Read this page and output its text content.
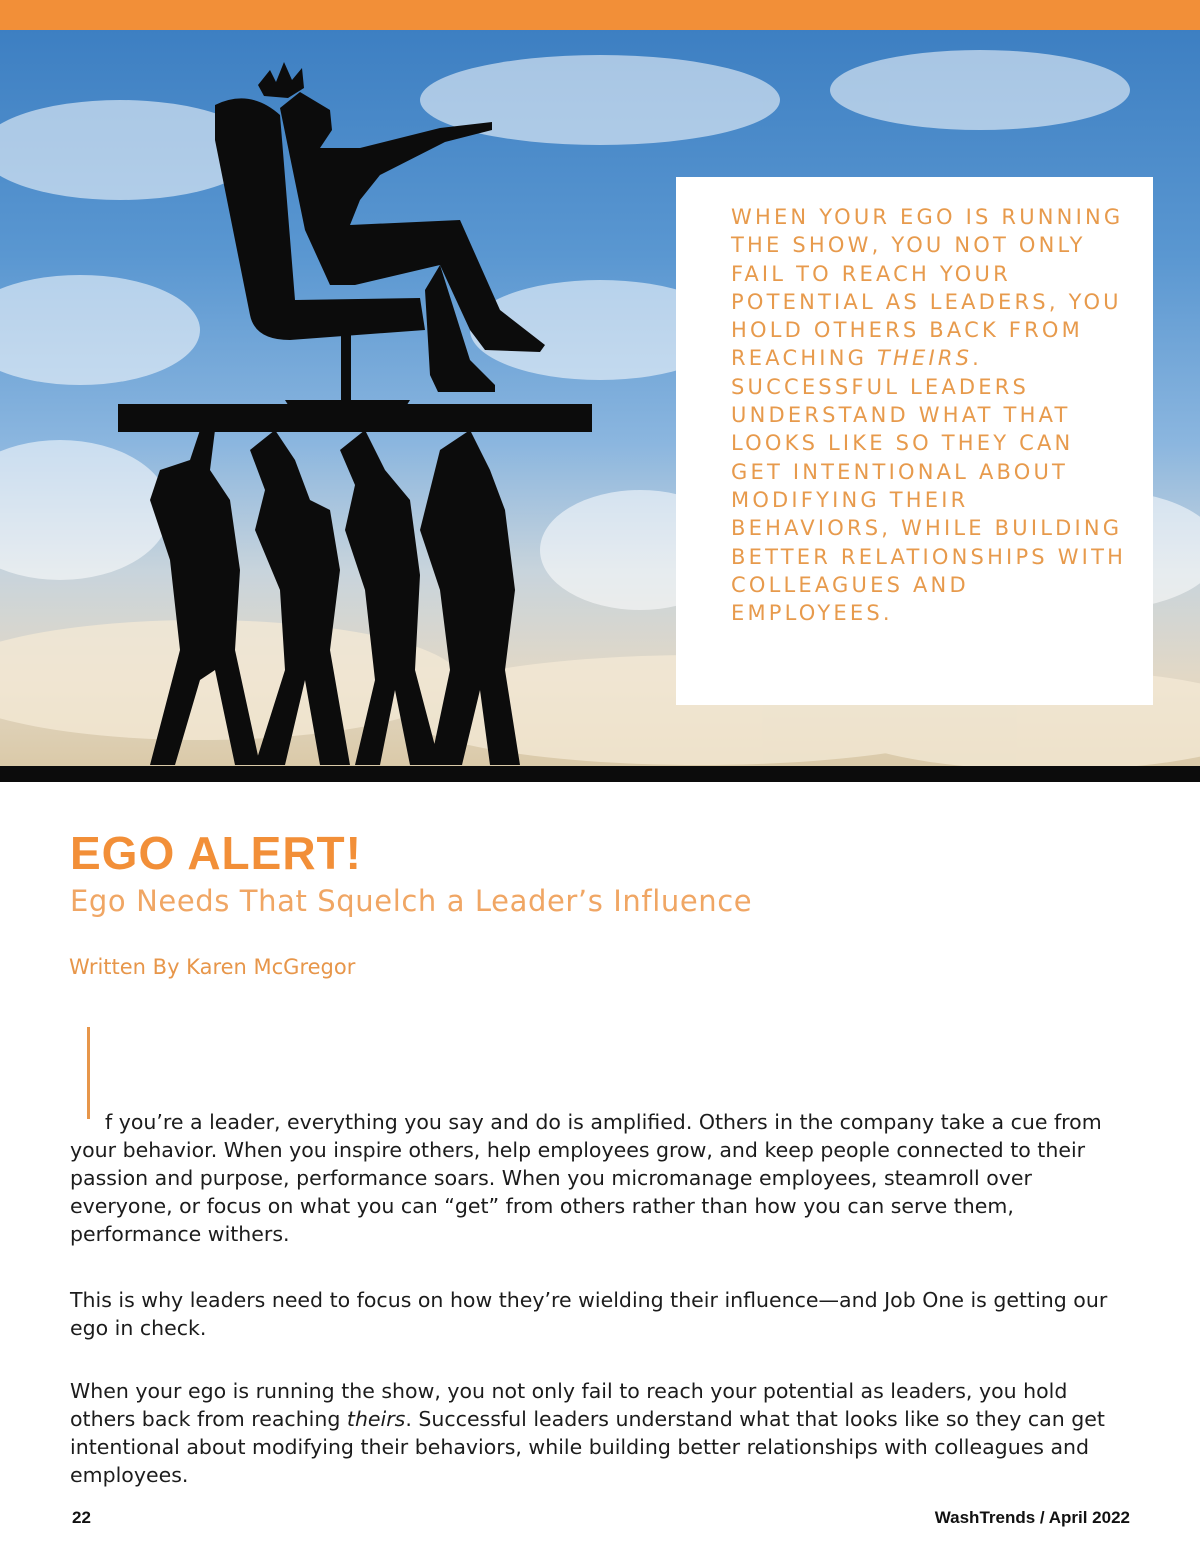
WHEN YOUR EGO IS RUNNING THE SHOW, YOU NOT ONLY FAIL TO REACH YOUR POTENTIAL AS LEADERS, YOU HOLD OTHERS BACK FROM REACHING THEIRS. SUCCESSFUL LEADERS UNDERSTAND WHAT THAT LOOKS LIKE SO THEY CAN GET INTENTIONAL ABOUT MODIFYING THEIR BEHAVIORS, WHILE BUILDING BETTER RELATIONSHIPS WITH COLLEAGUES AND EMPLOYEES.

EGO ALERT!
Ego Needs That Squelch a Leader’s Influence

Written By Karen McGregor

f you’re a leader, everything you say and do is amplified. Others in the company take a cue from your behavior. When you inspire others, help employees grow, and keep people connected to their passion and purpose, performance soars. When you micromanage employees, steamroll over everyone, or focus on what you can “get” from others rather than how you can serve them, performance withers.

This is why leaders need to focus on how they’re wielding their influence—and Job One is getting our ego in check.

When your ego is running the show, you not only fail to reach your potential as leaders, you hold others back from reaching theirs. Successful leaders understand what that looks like so they can get intentional about modifying their behaviors, while building better relationships with colleagues and employees.

22	WashTrends / April 2022
